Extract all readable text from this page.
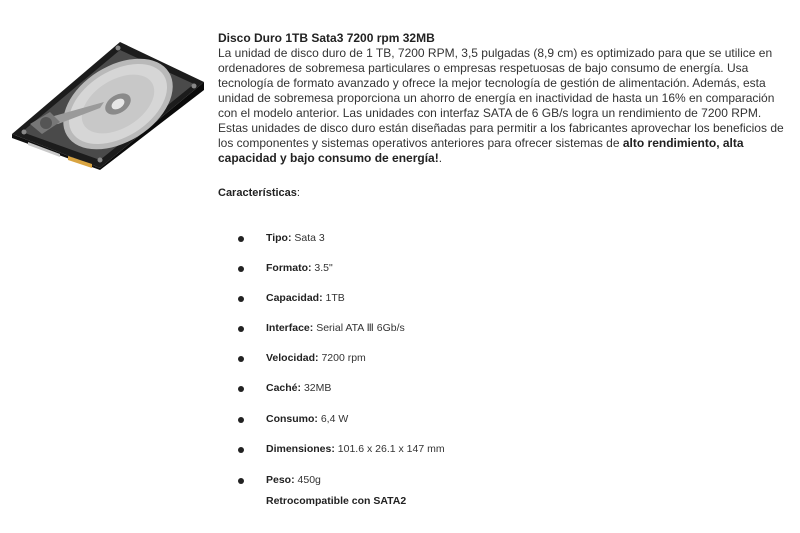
Disco Duro 1TB Sata3 7200 rpm 32MB

La unidad de disco duro de 1 TB, 7200 RPM, 3,5 pulgadas (8,9 cm) es optimizado para que se utilice en ordenadores de sobremesa particulares o empresas respetuosas de bajo consumo de energía. Usa tecnología de formato avanzado y ofrece la mejor tecnología de gestión de alimentación. Además, esta unidad de sobremesa proporciona un ahorro de energía en inactividad de hasta un 16% en comparación con el modelo anterior. Las unidades con interfaz SATA de 6 GB/s logra un rendimiento de 7200 RPM. Estas unidades de disco duro están diseñadas para permitir a los fabricantes aprovechar los beneficios de los componentes y sistemas operativos anteriores para ofrecer sistemas de alto rendimiento, alta capacidad y bajo consumo de energía!.

Características:
Tipo: Sata 3
Formato: 3.5"
Capacidad: 1TB
Interface: Serial ATA Ⅲ 6Gb/s
Velocidad: 7200 rpm
Caché: 32MB
Consumo: 6,4 W
Dimensiones: 101.6 x 26.1 x 147 mm
Peso: 450g
Retrocompatible con SATA2
